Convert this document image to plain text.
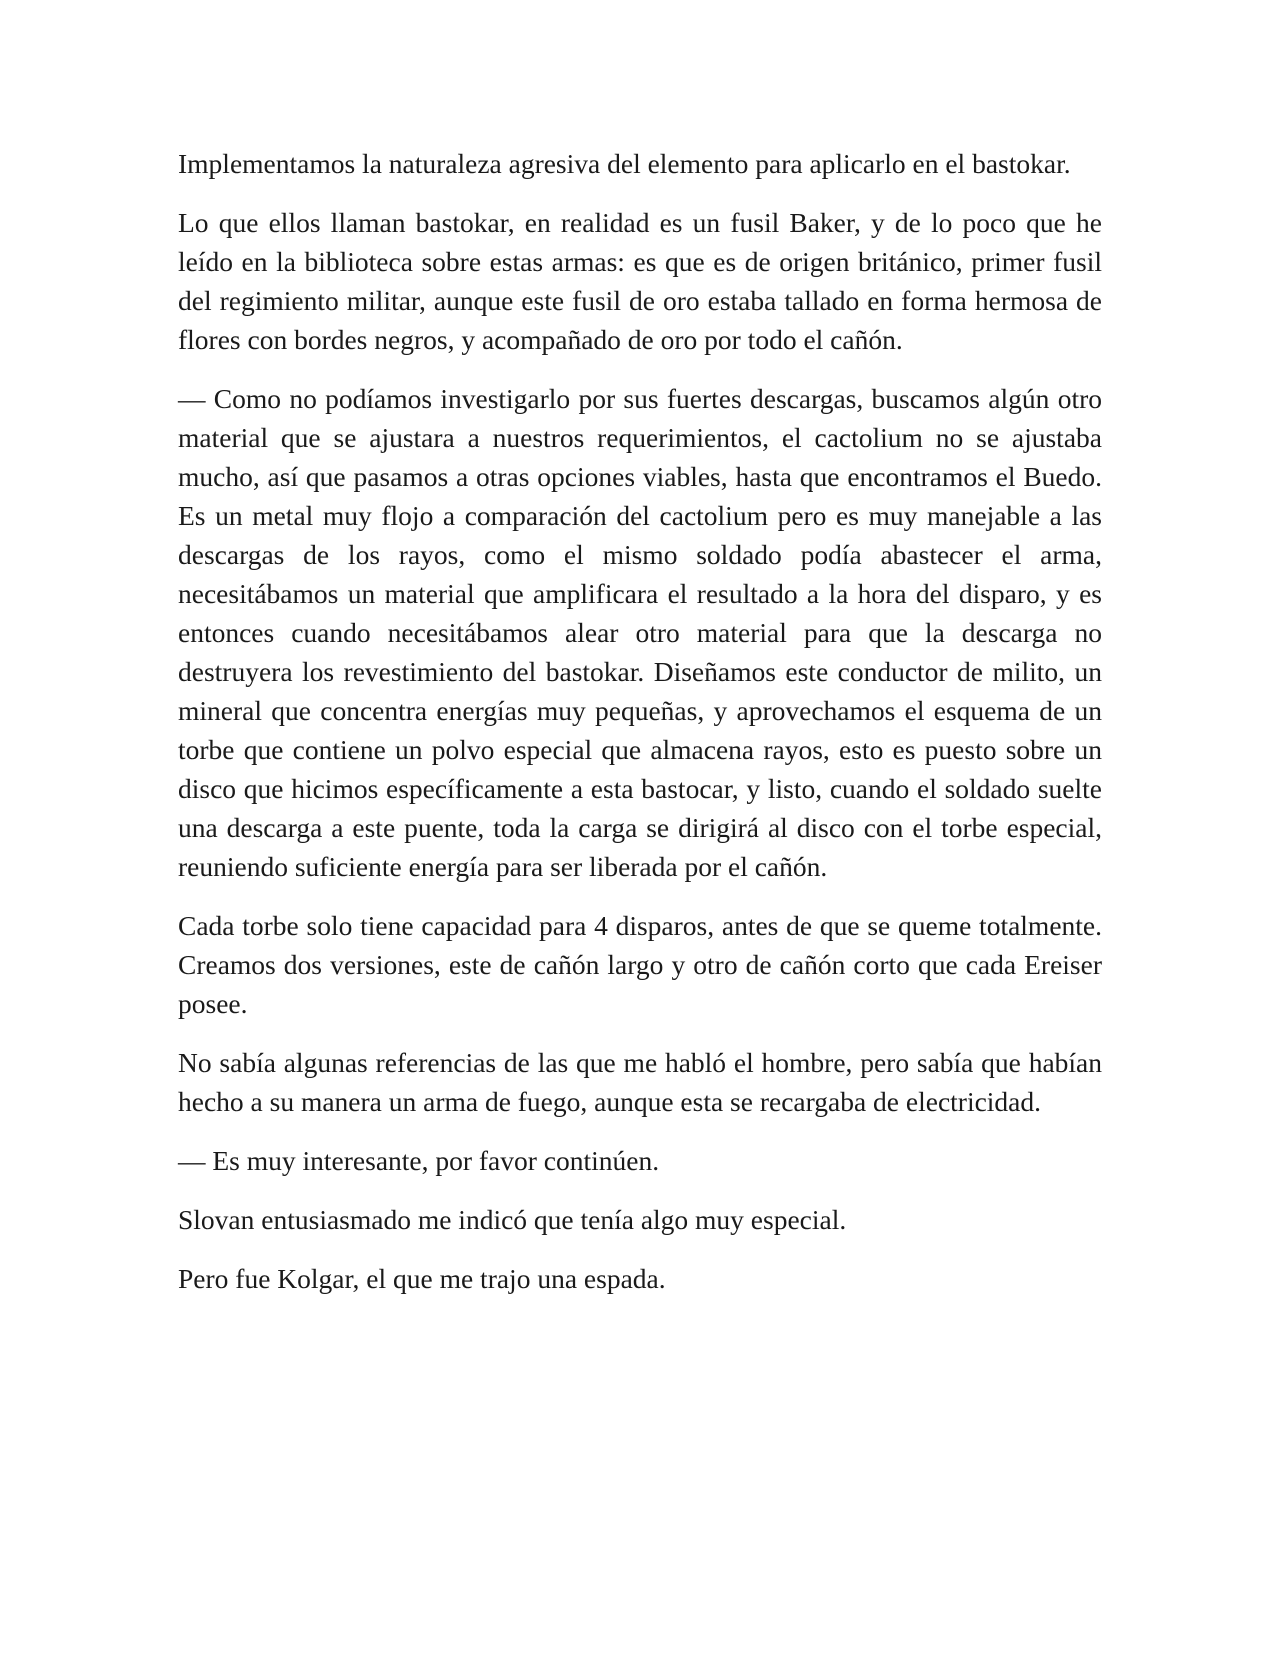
Implementamos la naturaleza agresiva del elemento para aplicarlo en el bastokar.

Lo que ellos llaman bastokar, en realidad es un fusil Baker, y de lo poco que he leído en la biblioteca sobre estas armas: es que es de origen británico, primer fusil del regimiento militar, aunque este fusil de oro estaba tallado en forma hermosa de flores con bordes negros, y acompañado de oro por todo el cañón.

— Como no podíamos investigarlo por sus fuertes descargas, buscamos algún otro material que se ajustara a nuestros requerimientos, el cactolium no se ajustaba mucho, así que pasamos a otras opciones viables, hasta que encontramos el Buedo. Es un metal muy flojo a comparación del cactolium pero es muy manejable a las descargas de los rayos, como el mismo soldado podía abastecer el arma, necesitábamos un material que amplificara el resultado a la hora del disparo, y es entonces cuando necesitábamos alear otro material para que la descarga no destruyera los revestimiento del bastokar. Diseñamos este conductor de milito, un mineral que concentra energías muy pequeñas, y aprovechamos el esquema de un torbe que contiene un polvo especial que almacena rayos, esto es puesto sobre un disco que hicimos específicamente a esta bastocar, y listo, cuando el soldado suelte una descarga a este puente, toda la carga se dirigirá al disco con el torbe especial, reuniendo suficiente energía para ser liberada por el cañón.

Cada torbe solo tiene capacidad para 4 disparos, antes de que se queme totalmente. Creamos dos versiones, este de cañón largo y otro de cañón corto que cada Ereiser posee.

No sabía algunas referencias de las que me habló el hombre, pero sabía que habían hecho a su manera un arma de fuego, aunque esta se recargaba de electricidad.

— Es muy interesante, por favor continúen.

Slovan entusiasmado me indicó que tenía algo muy especial.

Pero fue Kolgar, el que me trajo una espada.
